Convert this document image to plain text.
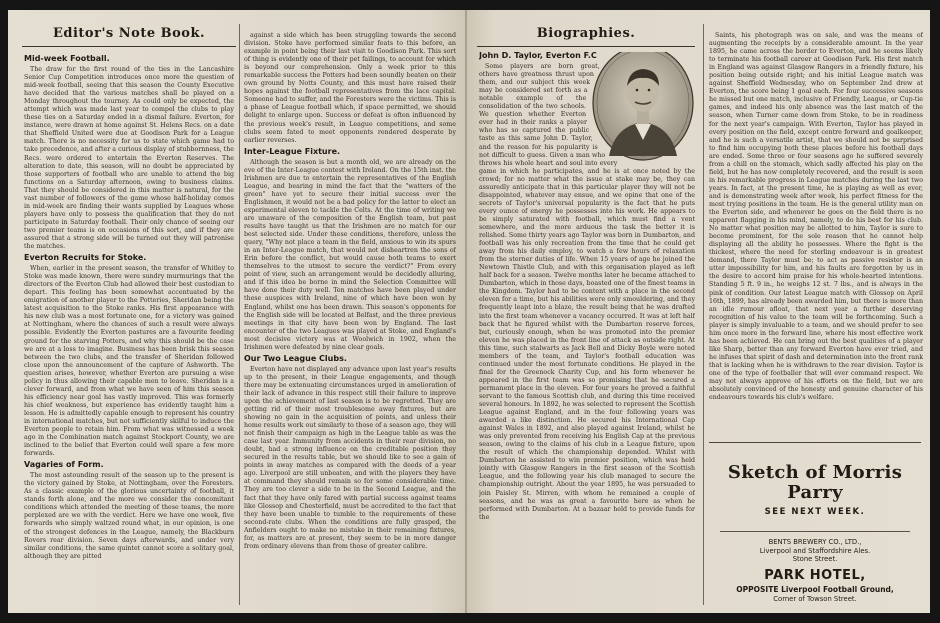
Editor's Note Book.
Mid-week Football.

The draw for the first round of the ties in the Lancashire Senior Cup Competition introduces once more the question of mid-week football, seeing that this season the County Executive have decided that the various matches shall be played on a Monday throughout the tourney. As could only be expected, the attempt which was made last year to compel the clubs to play these ties on a Saturday ended in a dismal failure. Everton, for instance, were drawn at home against St. Helens Recs. on a date that Sheffield United were due at Goodison Park for a League match. There is no necessity for us to state which game had to take precedence, and after a curious display of stubbornness, the Recs. were ordered to entertain the Everton Reserves. The alteration to date, this season, will no doubt be appreciated by those supporters of football who are unable to attend the big functions on a Saturday afternoon, owing to business claims. That they should be considered in this matter is natural, for the vast number of followers of the game whose half-holiday comes in mid-week are finding their wants supplied by Leagues whose players have only to possess the qualification that they do not participate in Saturday football. Their only chance of seeing our two premier teams is on occasions of this sort, and if they are assured that a strong side will be turned out they will patronise the matches.

Everton Recruits for Stoke.

When, earlier in the present season, the transfer of Whitley to Stoke was made known, there were sundry murmurings that the directors of the Everton Club had allowed their best custodian to depart. This feeling has been somewhat accentuated by the emigration of another player to the Potteries, Sheridan being the latest acquisition to the Stoke ranks. His first appearance with his new club was a most fortunate one, for a victory was gained at Nottingham, where the chances of such a result were always possible. Evidently the Everton pastures are a favourite feeding ground for the starving Potters, and why this should be the case we are at a loss to imagine. Business has been brisk this season between the two clubs, and the transfer of Sheridan followed close upon the announcement of the capture of Ashworth. The question arises, however, whether Everton are pursuing a wise policy in thus allowing their capable men to leave. Sheridan is a clever forward, and from what we have seen of him this season his efficiency near goal has vastly improved. This was formerly his chief weakness, but experience has evidently taught him a lesson. He is admittedly capable enough to represent his country in international matches, but not sufficiently skilful to induce the Everton people to retain him. From what was witnessed a week ago in the Combination match against Stockport County, we are inclined to the belief that Everton could well spare a few more forwards.

Vagaries of Form.

The most astounding result of the season up to the present is the victory gained by Stoke, at Nottingham, over the Foresters. As a classic example of the glorious uncertainty of football, it stands forth alone, and the more we consider the concomitant conditions which attended the meeting of these teams, the more perplexed are we with the verdict. Here we have one week, five forwards who simply waltzed round what, in our opinion, is one of the strongest defences in the League, namely, the Blackburn Rovers rear division. Seven days afterwards, and under very similar conditions, the same quintet cannot score a solitary goal, although they are pitted

against a side which has been struggling towards the second division. Stoke have performed similar feats to this before, an example in point being their last visit to Goodison Park. This sort of thing is evidently one of their pet failings, to account for which is beyond our comprehension. Only a week prior to this remarkable success the Potters had been soundly beaten on their own ground by Notts County, and this must have raised their hopes against the football representatives from the lace capital. Someone had to suffer, and the Foresters were the victims. This is a phase of League football which, if space permitted, we should delight to enlarge upon. Success or defeat is often influenced by the previous week's result, in League competitions, and some clubs seem fated to meet opponents rendered desperate by earlier reverses.

Inter-League Fixture.

Although the season is but a month old, we are already on the eve of the Inter-League contest with Ireland. On the 15th inst. the Irishmen are due to entertain the representatives of the English League, and bearing in mind the fact that the "watters of the green" have yet to secure their initial success over the Englishmen, it would not be a bad policy for the latter to elect an experimental eleven to tackle the Celts. At the time of writing we are unaware of the composition of the English team, but past results have taught us that the Irishmen are no match for our best selected side. Under these conditions, therefore, unless the query, "Why not place a team in the field, anxious to win its spurs in an Inter-League match, that would not disheartren the sons of Erin before the conflict, but would cause both teams to exert themselves to the utmost to secure the verdict?" From every point of view, such an arrangement would be decidedly alluring, and if this idea be borne in mind the Selection Committee will have done their duty well. Ten matches have been played under these auspices with Ireland, nine of which have been won by England, whilst one has been drawn. This season's opponents for the English side will be located at Belfast, and the three previous meetings in that city have been won by England. The last encounter of the two Leagues was played at Stoke, and England's most decisive victory was at Woolwich in 1902, when the Irishmen were defeated by nine clear goals.

Our Two League Clubs.

Everton have not displayed any advance upon last year's results up to the present, in their League engagements, and though there may be extenuating circumstances urged in amelioration of their lack of advance in this respect still their failure to improve upon the achievement of last season is to be regretted. They are getting rid of their most troublesome away fixtures, but are showing no gain in the acquisition of points, and unless their home results work out similarly to those of a season ago, they will not finish their campaign as high in the League table as was the case last year. Immunity from accidents in their rear division, no doubt, had a strong influence on the creditable position they secured in the results table, but we should like to see a gain of points in away matches as compared with the deeds of a year ago. Liverpool are still unbeaten, and with the players they have at command they should remain so for some considerable time. They are too clever a side to be in the Second League, and the fact that they have only fared with partial success against teams like Glossop and Chesterfield, must be accredited to the fact that they have been unable to tumble to the requirements of these second-rate clubs. When the conditions are fully grasped, the Anfielders ought to make no mistake in their remaining fixtures, for, as matters are at present, they seem to be in more danger from ordinary elevens than from those of greater calibre.

Biographies.
John D. Taylor, Everton F.C

Some players are born great, others have greatness thrust upon them, and our subject this week may be considered set forth as a notable example of the consolidation of the two schools. We question whether Everton ever had in their ranks a player who has so captured the public taste as this same John D. Taylor, and the reason for his popularity is not difficult to guess. Given a man who throws his whole heart and soul into every game in which he participates, and he is at once noted by the crowd; for no matter what the issue at stake may be, they can assuredly anticipate that in this particular player they will not be disappointed, whatever may ensue, and we opine that one of the secrets of Taylor's universal popularity is the fact that he puts every ounce of energy he possesses into his work. He appears to be simply saturated with football, which must find a vent somewhere, and the more arduous the task the better it is relished. Some thirty years ago Taylor was born in Dumbarton, and football was his only recreation from the time that he could get away from his daily employ, to watch a few hours of relaxation from the sterner duties of life. When 15 years of age he joined the Newtown Thistle Club, and with this organisation played as left half back for a season. Twelve months later he became attached to Dumbarton, which in those days, boasted one of the finest teams in the Kingdom. Taylor had to be content with a place in the second eleven for a time, but his abilities were only smouldering, and they frequently leapt into a blaze, the result being that he was drafted into the first team whenever a vacancy occurred. It was at left half back that he figured whilst with the Dumbarton reserve forces, but, curiously enough, when he was promoted into the premier eleven he was placed in the front line of attack as outside right. At this time, such stalwarts as Jack Bell and Dicky Boyle were noted members of the team, and Taylor's football education was continued under the most fortunate conditions. He played in the final for the Greenock Charity Cup, and his form whenever he appeared in the first team was so promising that he secured a permanent place in the eleven. For four years he proved a faithful servant to the famous Scottish club, and during this time received several honours. In 1892, he was selected to represent the Scottish League against England, and in the four following years was awarded a like distinction. He secured his International Cap against Wales in 1892, and also played against Ireland, whilst he was only prevented from receiving his English Cap at the previous season, owing to the claims of his club in a League fixture, upon the result of which the championship depended. Whilst with Dumbarton he assisted to win premier position, which was held jointly with Glasgow Rangers in the first season of the Scottish League, and the following year his club managed to secure the championship outright. About the year 1895, he was persuaded to join Paisley St. Mirren, with whom he remained a couple of seasons, and he was as great a favourite here as when he performed with Dumbarton. At a bazaar held to provide funds for the

Saints, his photograph was on sale, and was the means of augmenting the receipts by a considerable amount. In the year 1895, he came across the border to Everton, and he seems likely to terminate his football career at Goodison Park. His first match in England was against Glasgow Rangers in a friendly fixture, his position being outside right; and his initial League match was against Sheffield Wednesday, who on September 2nd drew at Everton, the score being 1 goal each. For four successive seasons he missed but one match, inclusive of Friendly, League, or Cup-tie games, and indeed his only absence was the last match of the season, when Turner came down from Stoke, to be in readiness for the next year's campaign. With Everton, Taylor has played in every position on the field, except centre forward and goalkeeper, and he is such a versatile artist, that we should not be surprised to find him occupying both these places before his football days are ended. Some three or four seasons ago he suffered severely from a chill on the stomach, which sadly affected his play on the field, but he has now completely recovered, and the result is seen in his remarkable progress in League matches during the last two years. In fact, at the present time, he is playing as well as ever, and is demonstrating week after week, his perfect fitness for the most trying positions in the team. He is the general utility man on the Everton side, and whenever he goes on the field there is no apparent flagging in his mind, namely, to do his best for his club. No matter what position may be allotted to him, Taylor is sure to become prominent, for the sole reason that he cannot help displaying all the ability he possesses. Where the fight is the thickest, where the need for sterling endeavour is in greatest demand, there Taylor must be; to act as passive resister is an utter impossibility for him, and his faults are forgotten by us in the desire to accord him praise for his whole-hearted intentions. Standing 5 ft. 9 in., he weighs 12 st. 7 lbs., and is always in the pink of condition. Our latest League match with Glossop on April 16th, 1899, has already been awarded him, but there is more than an idle rumour afloat, that next year a further deserving recognition of his value to the team will be forthcoming. Such a player is simply invaluable to a team, and we should prefer to see him once more in the forward line, where his most effective work has been achieved. He can bring out the best qualities of a player like Sharp, better than any forward Everton have ever tried, and he infuses that spirit of dash and determination into the front rank that is lacking when he is withdrawn to the rear division. Taylor is one of the type of footballer that will ever command respect. We may not always approve of his efforts on the field, but we are absolutely convinced of the honesty and genuine character of his endeavours towards his club's welfare.

Sketch of Morris Parry
SEE NEXT WEEK.
BENTS BREWERY CO., LTD.,
Liverpool and Staffordshire Ales.
Stone Street.
PARK HOTEL,
OPPOSITE Liverpool Football Ground,
Corner of Towson Street.
